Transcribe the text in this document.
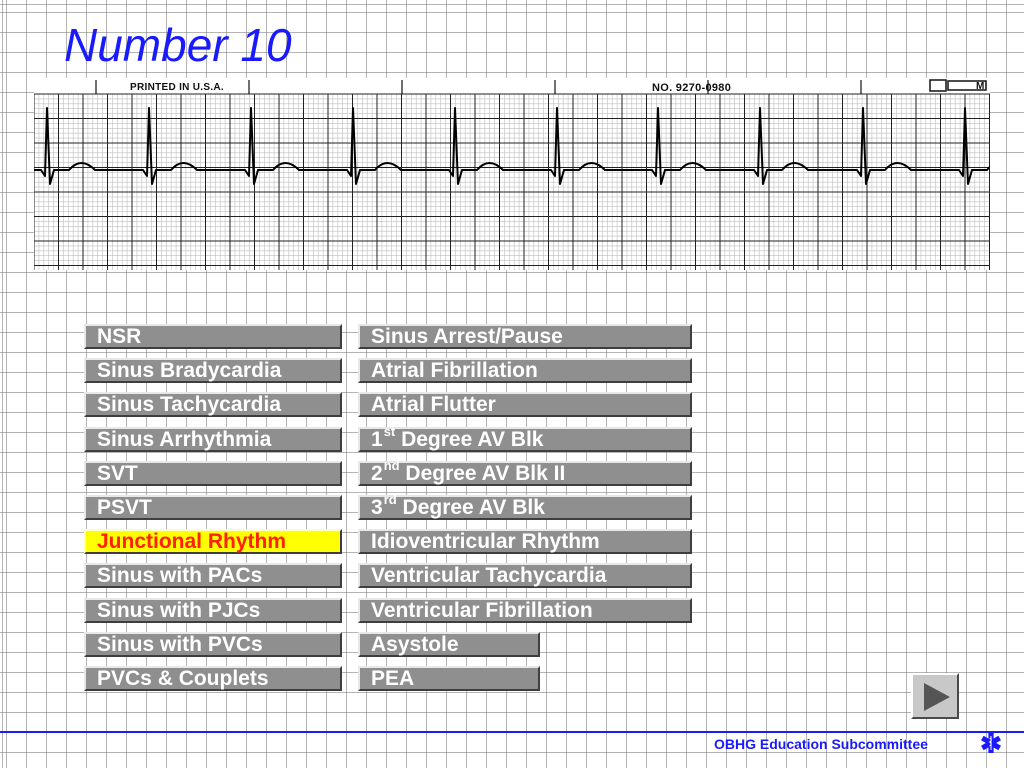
Number 10
PRINTED IN U.S.A.	NO. 9270-0980	M
NSR
Sinus Bradycardia
Sinus Tachycardia
Sinus Arrhythmia
SVT
PSVT
Junctional Rhythm
Sinus with PACs
Sinus with PJCs
Sinus with PVCs
PVCs & Couplets
Sinus Arrest/Pause
Atrial Fibrillation
Atrial Flutter
1st Degree AV Blk
2nd Degree AV Blk II
3rd Degree AV Blk
Idioventricular Rhythm
Ventricular Tachycardia
Ventricular Fibrillation
Asystole
PEA
OBHG Education Subcommittee
